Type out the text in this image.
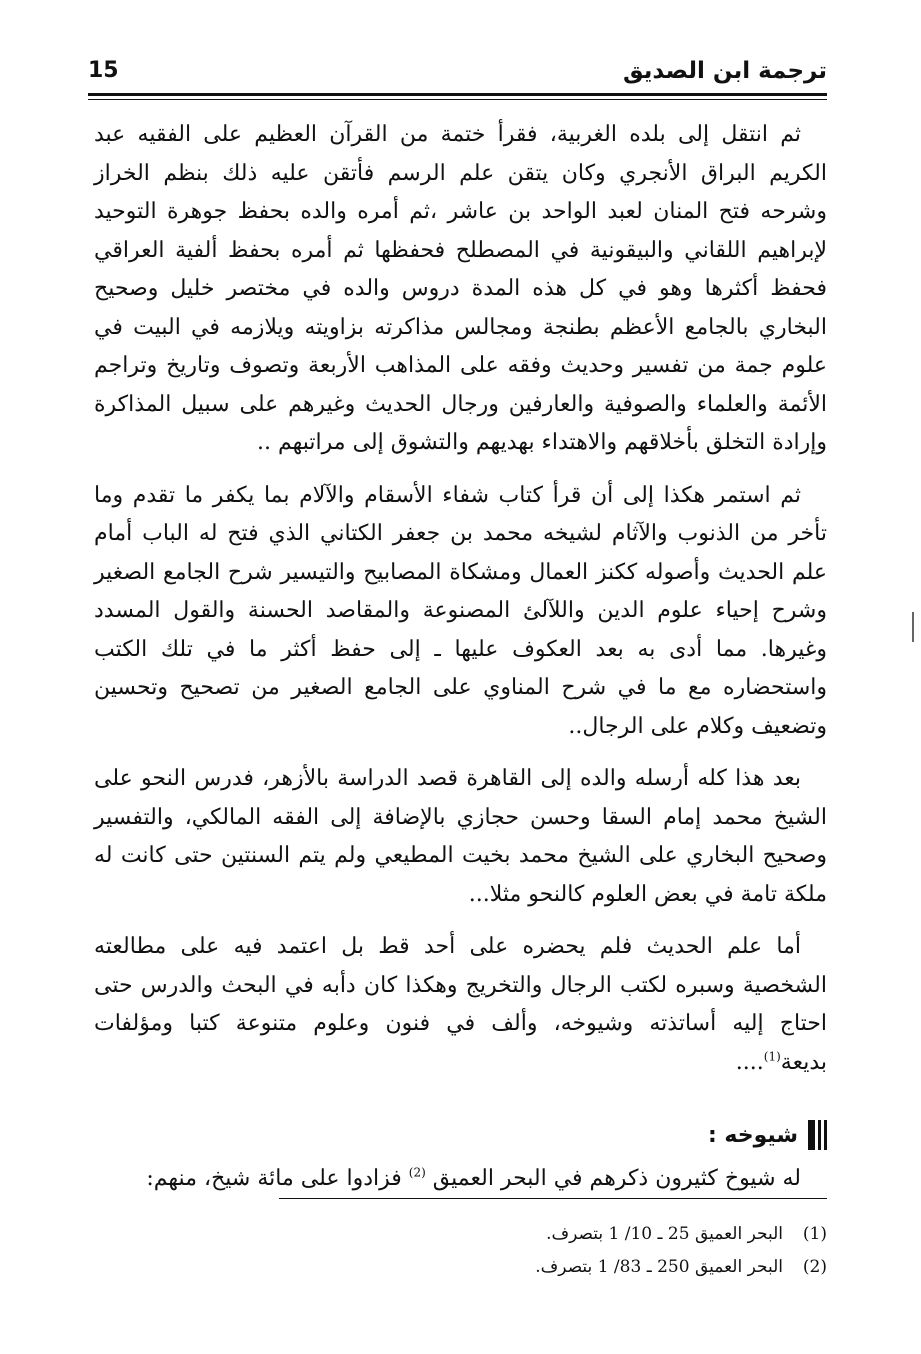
ترجمة ابن الصديق
15

ثم انتقل إلى بلده الغربية، فقرأ ختمة من القرآن العظيم على الفقيه عبد الكريم البراق الأنجري وكان يتقن علم الرسم فأتقن عليه ذلك بنظم الخراز وشرحه فتح المنان لعبد الواحد بن عاشر ،ثم أمره والده بحفظ جوهرة التوحيد لإبراهيم اللقاني والبيقونية في المصطلح فحفظها ثم أمره بحفظ ألفية العراقي فحفظ أكثرها وهو في كل هذه المدة دروس والده في مختصر خليل وصحيح البخاري بالجامع الأعظم بطنجة ومجالس مذاكرته بزاويته ويلازمه في البيت في علوم جمة من تفسير وحديث وفقه على المذاهب الأربعة وتصوف وتاريخ وتراجم الأئمة والعلماء والصوفية والعارفين ورجال الحديث وغيرهم على سبيل المذاكرة وإرادة التخلق بأخلاقهم والاهتداء بهديهم والتشوق إلى مراتبهم ..

ثم استمر هكذا إلى أن قرأ كتاب شفاء الأسقام والآلام بما يكفر ما تقدم وما تأخر من الذنوب والآثام لشيخه محمد بن جعفر الكتاني الذي فتح له الباب أمام علم الحديث وأصوله ككنز العمال ومشكاة المصابيح والتيسير شرح الجامع الصغير وشرح إحياء علوم الدين واللآلئ المصنوعة والمقاصد الحسنة والقول المسدد وغيرها. مما أدى به بعد العكوف عليها ـ إلى حفظ أكثر ما في تلك الكتب واستحضاره مع ما في شرح المناوي على الجامع الصغير من تصحيح وتحسين وتضعيف وكلام على الرجال..

بعد هذا كله أرسله والده إلى القاهرة قصد الدراسة بالأزهر، فدرس النحو على الشيخ محمد إمام السقا وحسن حجازي بالإضافة إلى الفقه المالكي، والتفسير وصحيح البخاري على الشيخ محمد بخيت المطيعي ولم يتم السنتين حتى كانت له ملكة تامة في بعض العلوم كالنحو مثلا...

أما علم الحديث فلم يحضره على أحد قط بل اعتمد فيه على مطالعته الشخصية وسبره لكتب الرجال والتخريج وهكذا كان دأبه في البحث والدرس حتى احتاج إليه أساتذته وشيوخه، وألف في فنون وعلوم متنوعة كتبا ومؤلفات بديعة$^{(1)}$....

شيوخه :
له شيوخ كثيرون ذكرهم في البحر العميق $^{(2)}$ فزادوا على مائة شيخ، منهم:
(1)
البحر العميق 25 ـ 10/ 1 بتصرف.
(2)
البحر العميق 250 ـ 83/ 1 بتصرف.
